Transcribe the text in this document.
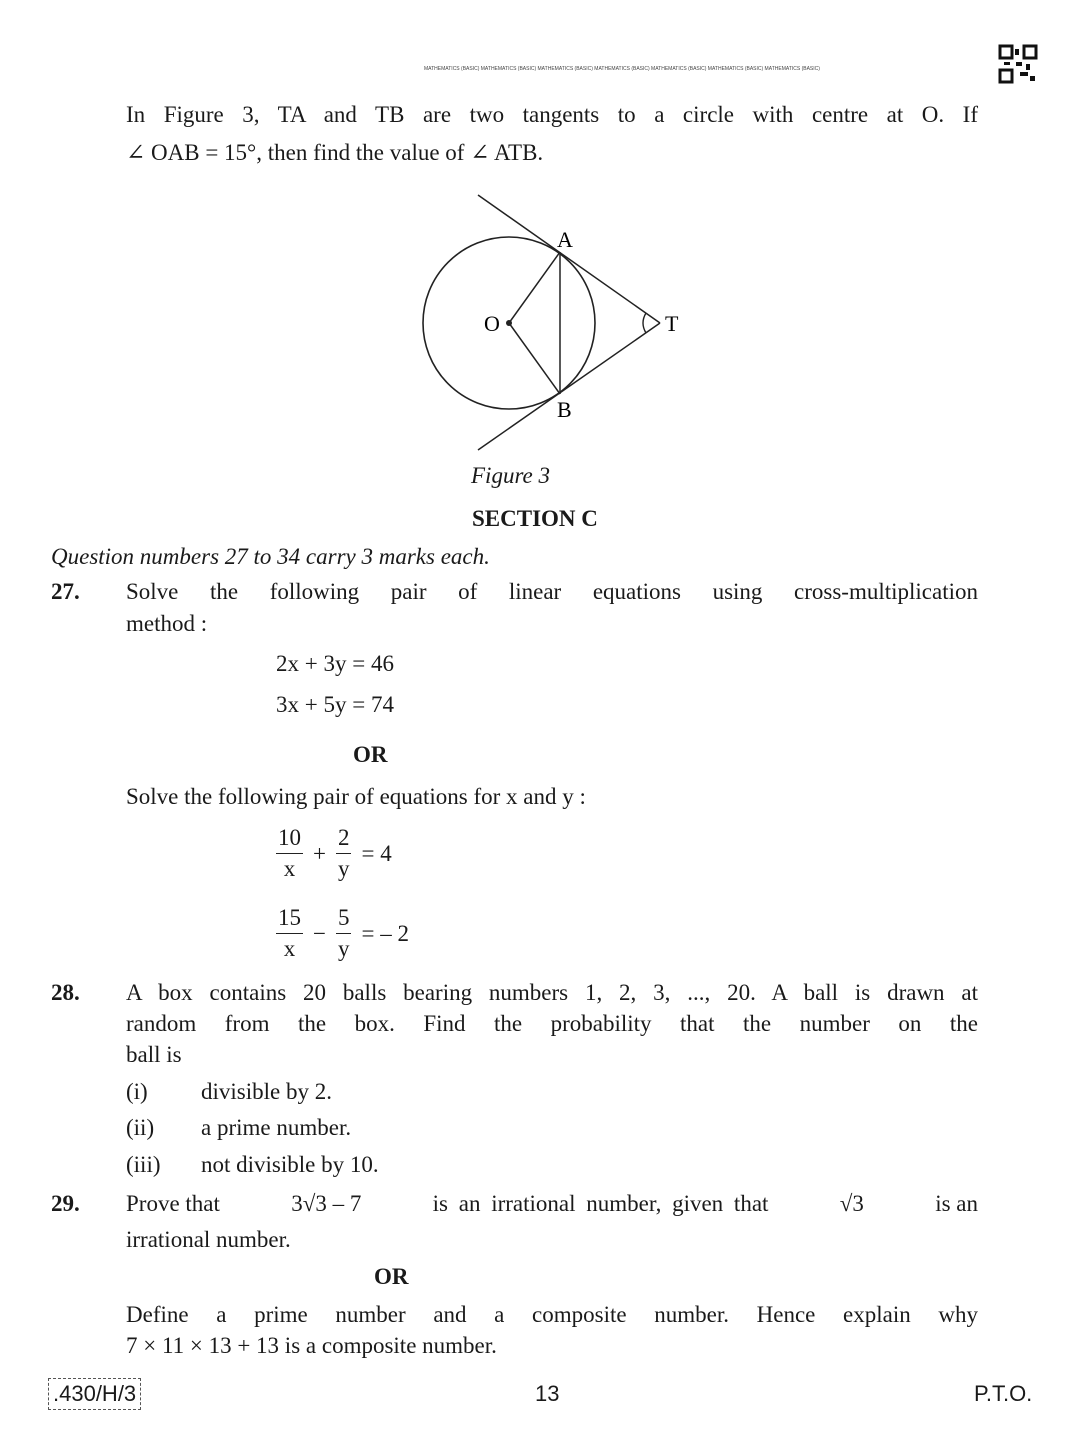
MATHEMATICS (BASIC) MATHEMATICS (BASIC) MATHEMATICS (BASIC) MATHEMATICS (BASIC) MATHEMATICS (BASIC) MATHEMATICS (BASIC) MATHEMATICS (BASIC)
In Figure 3, TA and TB are two tangents to a circle with centre at O. If
∠ OAB = 15°, then find the value of ∠ ATB.
A
B
O	T
Figure 3
SECTION C
Question numbers 27 to 34 carry 3 marks each.
27. Solve the following pair of linear equations using cross-multiplication
method :
2x + 3y = 46
3x + 5y = 74
OR
Solve the following pair of equations for x and y :
$\frac{10}{x} + \frac{2}{y} = 4$
$\frac{15}{x} - \frac{5}{y}$ = – 2
28. A box contains 20 balls bearing numbers 1, 2, 3, ..., 20. A ball is drawn at
random from the box. Find the probability that the number on the
ball is
(i) divisible by 2.
(ii) a prime number.
(iii) not divisible by 10.
29. Prove that	3√3 – 7	is an irrational number, given that	√3	is an
irrational number.
OR
Define a prime number and a composite number. Hence explain why
7 × 11 × 13 + 13 is a composite number.
.430/H/3	13	P.T.O.
